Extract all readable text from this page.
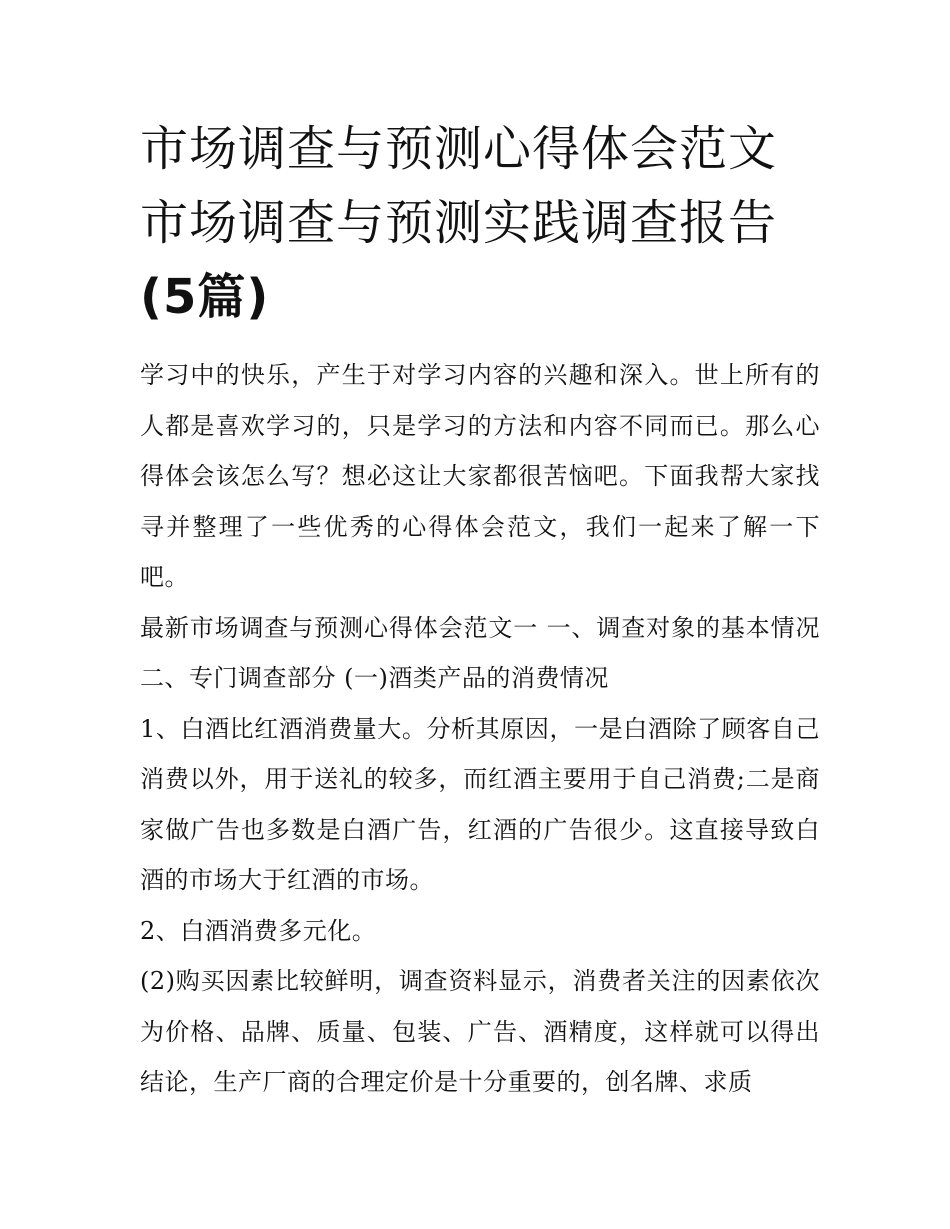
市场调查与预测心得体会范文
市场调查与预测实践调查报告
(5篇)

学习中的快乐，产生于对学习内容的兴趣和深入。世上所有的人都是喜欢学习的，只是学习的方法和内容不同而已。那么心得体会该怎么写？想必这让大家都很苦恼吧。下面我帮大家找寻并整理了一些优秀的心得体会范文，我们一起来了解一下吧。

最新市场调查与预测心得体会范文一 一、调查对象的基本情况 二、专门调查部分 (一)酒类产品的消费情况

1、白酒比红酒消费量大。分析其原因，一是白酒除了顾客自己消费以外，用于送礼的较多，而红酒主要用于自己消费;二是商家做广告也多数是白酒广告，红酒的广告很少。这直接导致白酒的市场大于红酒的市场。

2、白酒消费多元化。

(2)购买因素比较鲜明，调查资料显示，消费者关注的因素依次为价格、品牌、质量、包装、广告、酒精度，这样就可以得出结论，生产厂商的合理定价是十分重要的，创名牌、求质
